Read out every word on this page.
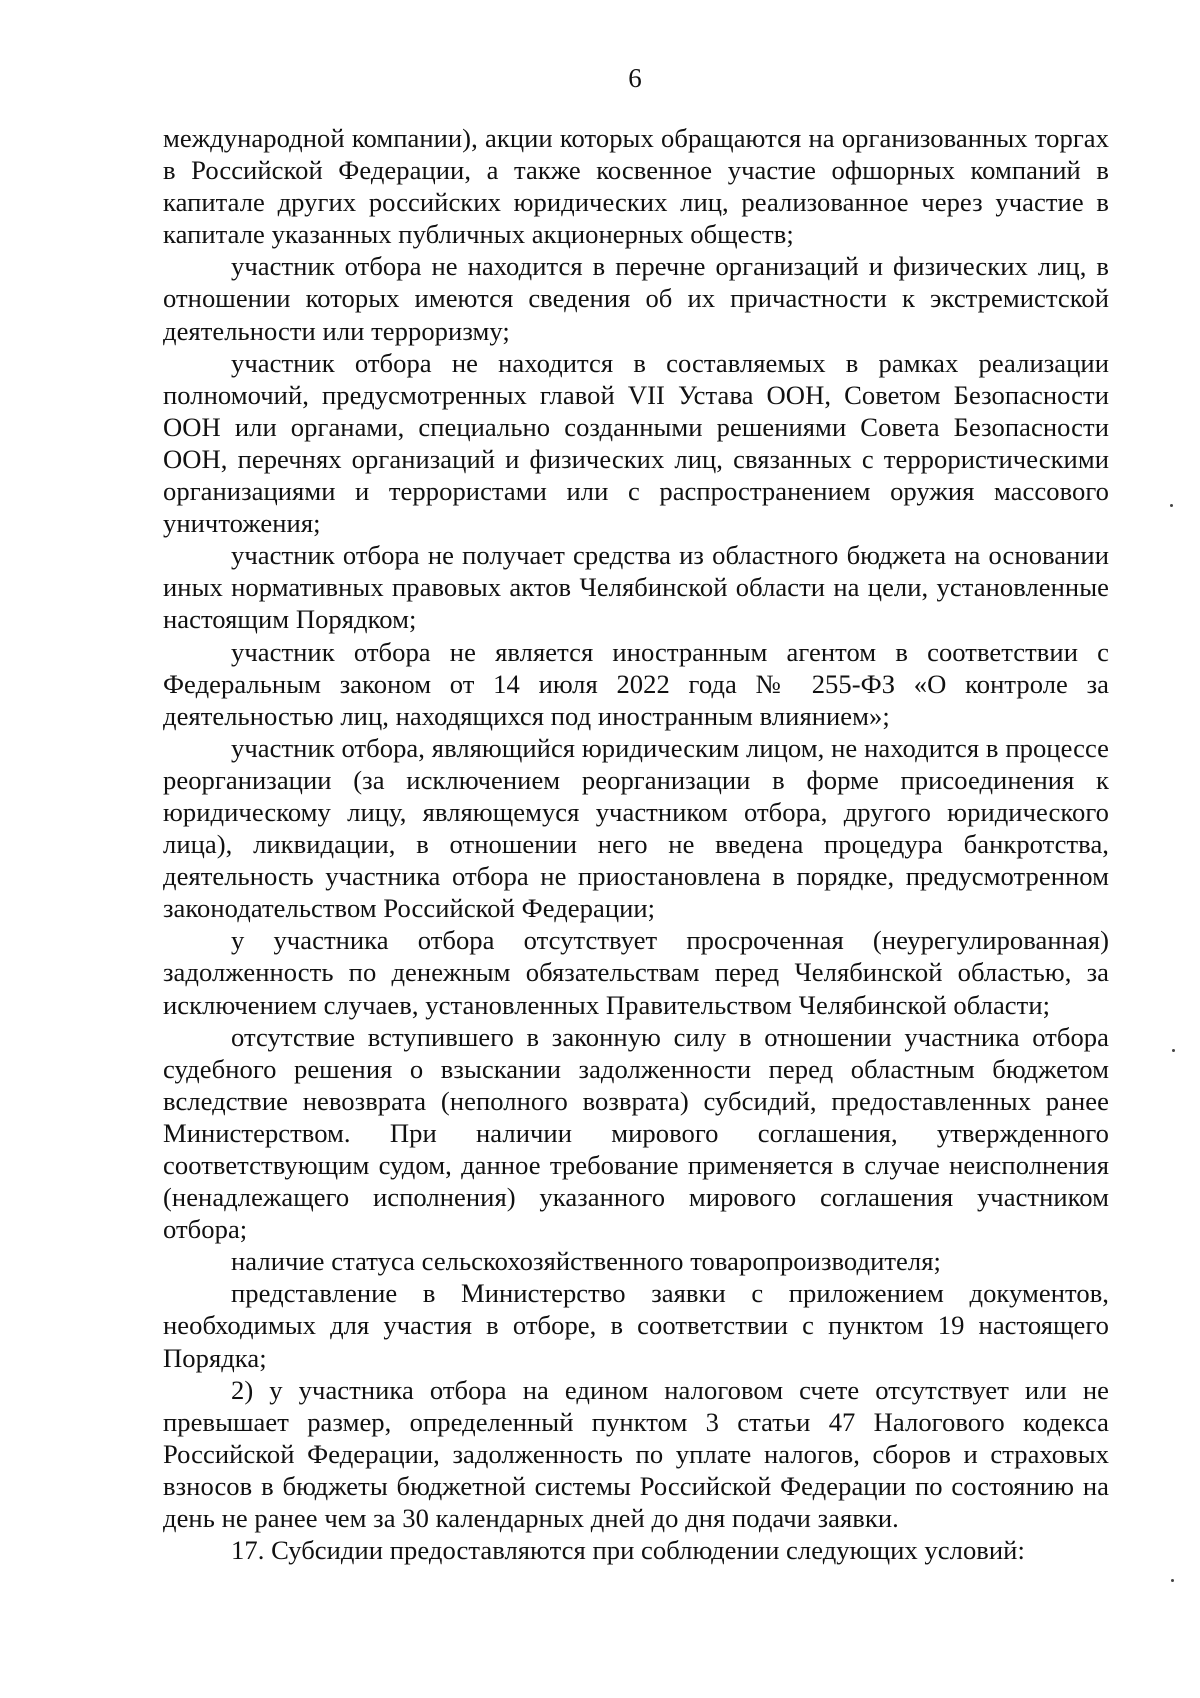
6

международной компании), акции которых обращаются на организованных торгах в Российской Федерации, а также косвенное участие офшорных компаний в капитале других российских юридических лиц, реализованное через участие в капитале указанных публичных акционерных обществ;

участник отбора не находится в перечне организаций и физических лиц, в отношении которых имеются сведения об их причастности к экстремистской деятельности или терроризму;

участник отбора не находится в составляемых в рамках реализации полномочий, предусмотренных главой VII Устава ООН, Советом Безопасности ООН или органами, специально созданными решениями Совета Безопасности ООН, перечнях организаций и физических лиц, связанных с террористическими организациями и террористами или с распространением оружия массового уничтожения;

участник отбора не получает средства из областного бюджета на основании иных нормативных правовых актов Челябинской области на цели, установленные настоящим Порядком;

участник отбора не является иностранным агентом в соответствии с Федеральным законом от 14 июля 2022 года № 255-ФЗ «О контроле за деятельностью лиц, находящихся под иностранным влиянием»;

участник отбора, являющийся юридическим лицом, не находится в процессе реорганизации (за исключением реорганизации в форме присоединения к юридическому лицу, являющемуся участником отбора, другого юридического лица), ликвидации, в отношении него не введена процедура банкротства, деятельность участника отбора не приостановлена в порядке, предусмотренном законодательством Российской Федерации;

у участника отбора отсутствует просроченная (неурегулированная) задолженность по денежным обязательствам перед Челябинской областью, за исключением случаев, установленных Правительством Челябинской области;

отсутствие вступившего в законную силу в отношении участника отбора судебного решения о взыскании задолженности перед областным бюджетом вследствие невозврата (неполного возврата) субсидий, предоставленных ранее Министерством. При наличии мирового соглашения, утвержденного соответствующим судом, данное требование применяется в случае неисполнения (ненадлежащего исполнения) указанного мирового соглашения участником отбора;

наличие статуса сельскохозяйственного товаропроизводителя;

представление в Министерство заявки с приложением документов, необходимых для участия в отборе, в соответствии с пунктом 19 настоящего Порядка;

2) у участника отбора на едином налоговом счете отсутствует или не превышает размер, определенный пунктом 3 статьи 47 Налогового кодекса Российской Федерации, задолженность по уплате налогов, сборов и страховых взносов в бюджеты бюджетной системы Российской Федерации по состоянию на день не ранее чем за 30 календарных дней до дня подачи заявки.

17. Субсидии предоставляются при соблюдении следующих условий:
